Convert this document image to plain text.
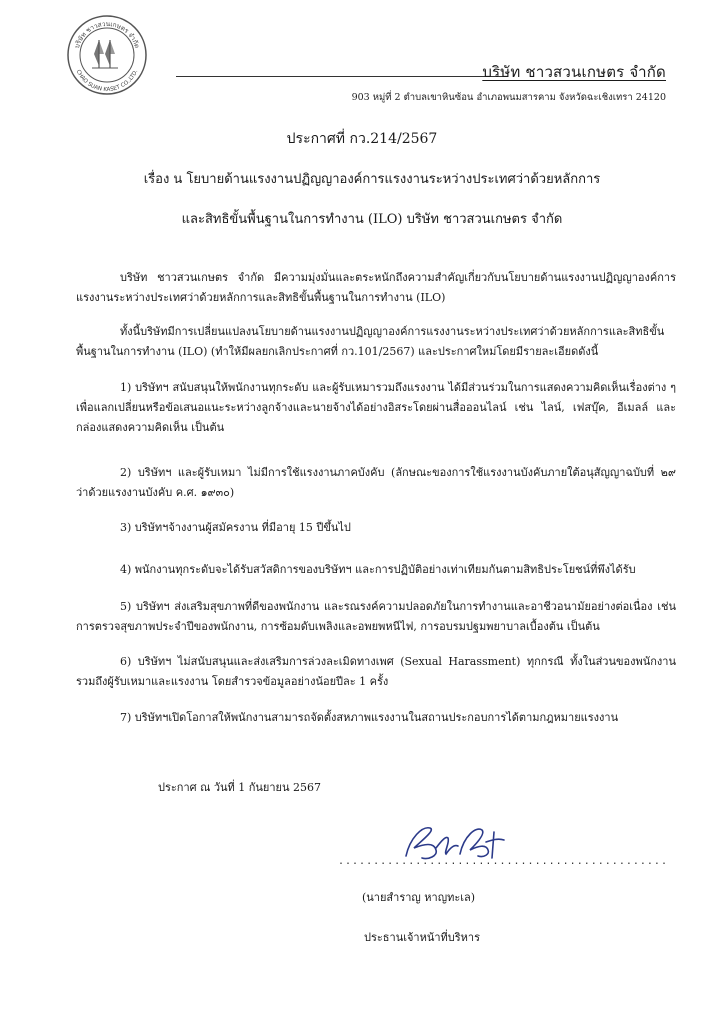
บริษัท ชาวสวนเกษตร จำกัด
CHAO SUAN KASET CO.,LTD.	บริษัท ชาวสวนเกษตร จำกัด
903 หมู่ที่ 2 ตำบลเขาหินซ้อน อำเภอพนมสารคาม จังหวัดฉะเชิงเทรา 24120
ประกาศที่ กว.214/2567
เรื่อง น โยบายด้านแรงงานปฏิญญาองค์การแรงงานระหว่างประเทศว่าด้วยหลักการ
และสิทธิขั้นพื้นฐานในการทำงาน (ILO) บริษัท ชาวสวนเกษตร จำกัด

บริษัท ชาวสวนเกษตร จำกัด มีความมุ่งมั่นและตระหนักถึงความสำคัญเกี่ยวกับนโยบายด้านแรงงานปฏิญญาองค์การแรงงานระหว่างประเทศว่าด้วยหลักการและสิทธิขั้นพื้นฐานในการทำงาน (ILO)

ทั้งนี้บริษัทมีการเปลี่ยนแปลงนโยบายด้านแรงงานปฏิญญาองค์การแรงงานระหว่างประเทศว่าด้วยหลักการและสิทธิขั้นพื้นฐานในการทำงาน (ILO) (ทำให้มีผลยกเลิกประกาศที่ กว.101/2567) และประกาศใหม่โดยมีรายละเอียดดังนี้

1) บริษัทฯ สนับสนุนให้พนักงานทุกระดับ และผู้รับเหมารวมถึงแรงงาน ได้มีส่วนร่วมในการแสดงความคิดเห็นเรื่องต่าง ๆ เพื่อแลกเปลี่ยนหรือข้อเสนอแนะระหว่างลูกจ้างและนายจ้างได้อย่างอิสระโดยผ่านสื่อออนไลน์ เช่น ไลน์, เฟสบุ๊ค, อีเมลล์ และกล่องแสดงความคิดเห็น เป็นต้น

2) บริษัทฯ และผู้รับเหมา ไม่มีการใช้แรงงานภาคบังคับ (ลักษณะของการใช้แรงงานบังคับภายใต้อนุสัญญาฉบับที่ ๒๙ ว่าด้วยแรงงานบังคับ ค.ศ. ๑๙๓๐)

3) บริษัทฯจ้างงานผู้สมัครงาน ที่มีอายุ 15 ปีขึ้นไป

4) พนักงานทุกระดับจะได้รับสวัสดิการของบริษัทฯ และการปฏิบัติอย่างเท่าเทียมกันตามสิทธิประโยชน์ที่พึงได้รับ

5) บริษัทฯ ส่งเสริมสุขภาพที่ดีของพนักงาน และรณรงค์ความปลอดภัยในการทำงานและอาชีวอนามัยอย่างต่อเนื่อง เช่น การตรวจสุขภาพประจำปีของพนักงาน, การซ้อมดับเพลิงและอพยพหนีไฟ, การอบรมปฐมพยาบาลเบื้องต้น เป็นต้น

6) บริษัทฯ ไม่สนับสนุนและส่งเสริมการล่วงละเมิดทางเพศ (Sexual Harassment) ทุกกรณี ทั้งในส่วนของพนักงาน รวมถึงผู้รับเหมาและแรงงาน โดยสำรวจข้อมูลอย่างน้อยปีละ 1 ครั้ง

7) บริษัทฯเปิดโอกาสให้พนักงานสามารถจัดตั้งสหภาพแรงงานในสถานประกอบการได้ตามกฎหมายแรงงาน

ประกาศ ณ วันที่ 1 กันยายน 2567
...............................................
(นายสำราญ หาญทะเล)
ประธานเจ้าหน้าที่บริหาร
